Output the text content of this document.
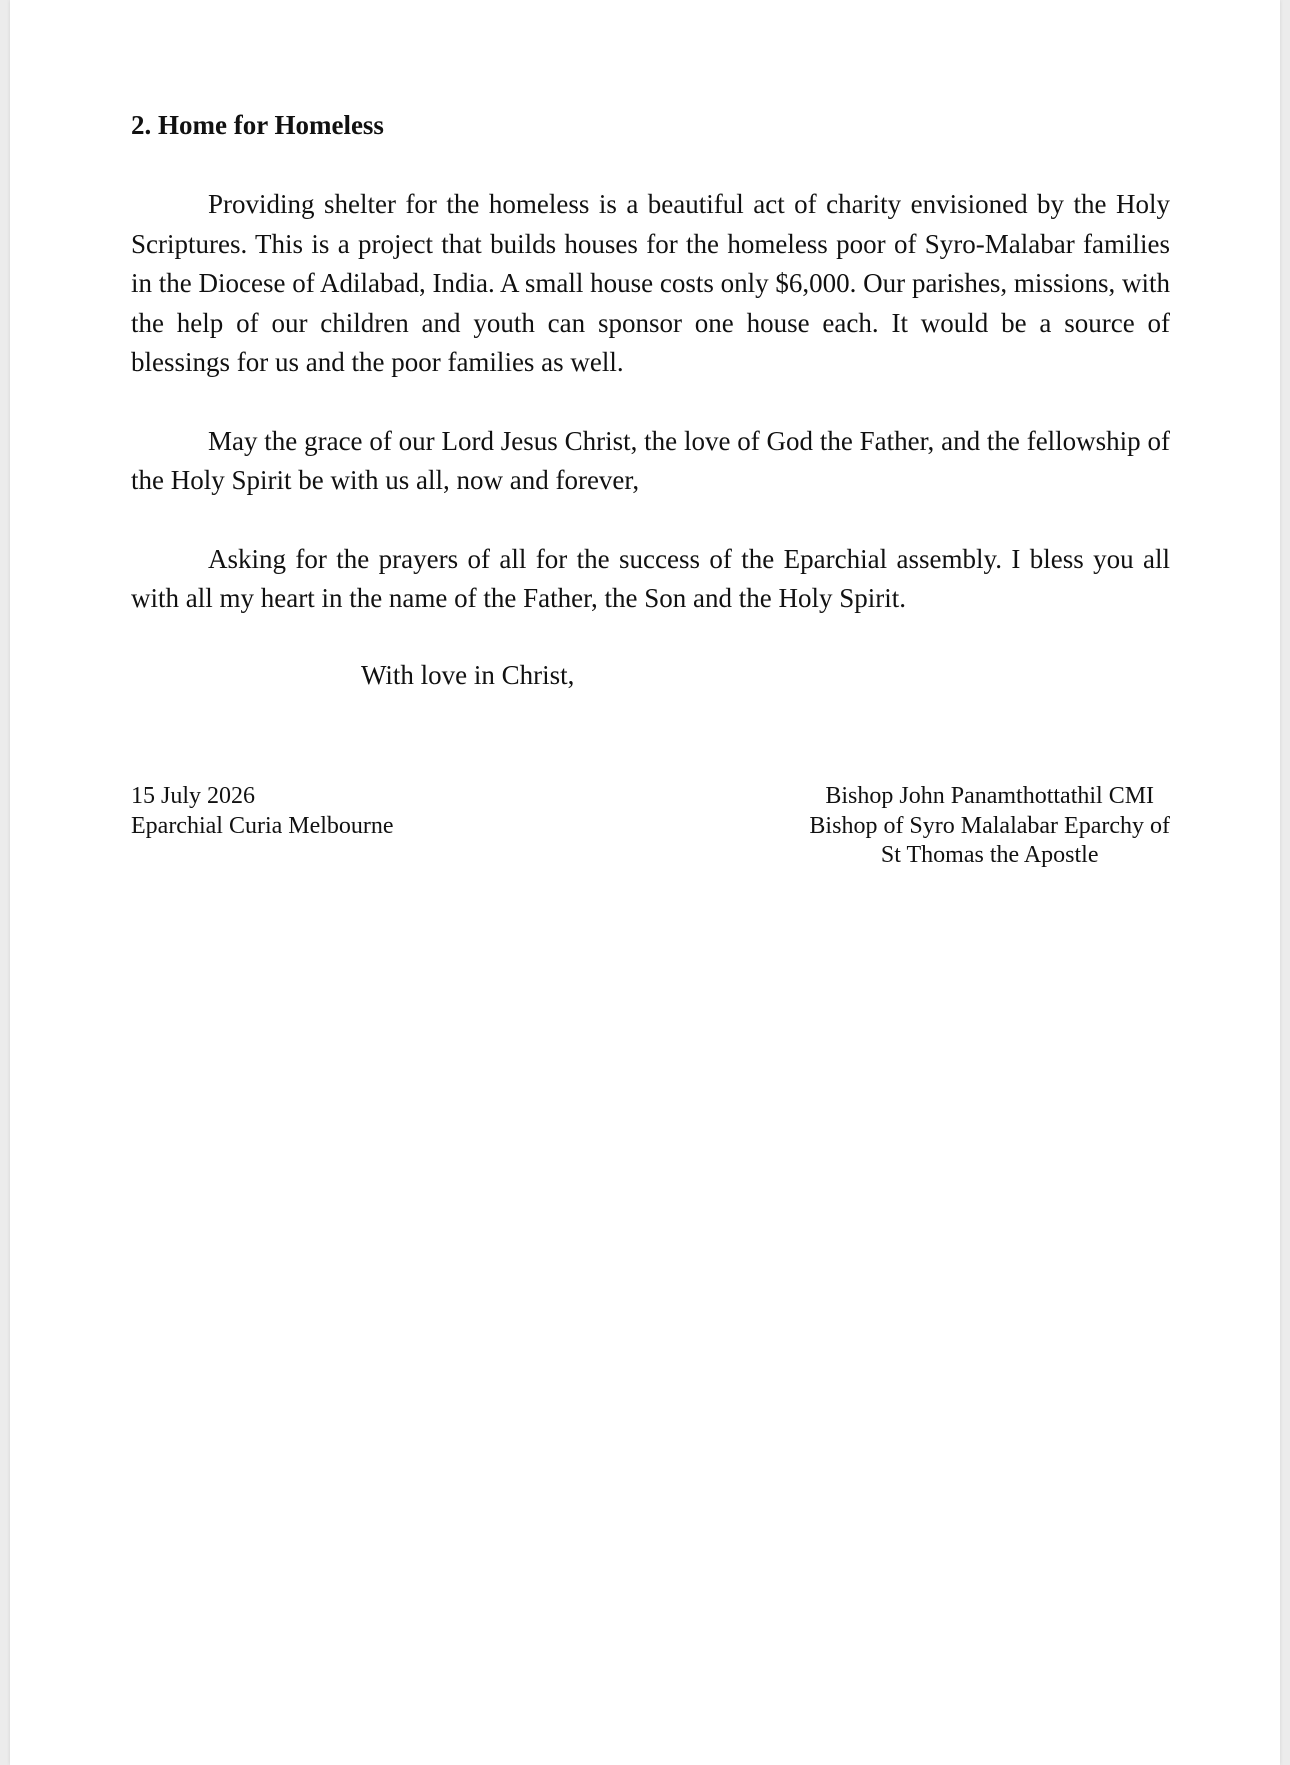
2. Home for Homeless

Providing shelter for the homeless is a beautiful act of charity envisioned by the Holy Scriptures. This is a project that builds houses for the homeless poor of Syro-Malabar families in the Diocese of Adilabad, India. A small house costs only $6,000. Our parishes, missions, with the help of our children and youth can sponsor one house each. It would be a source of blessings for us and the poor families as well.

May the grace of our Lord Jesus Christ, the love of God the Father, and the fellowship of the Holy Spirit be with us all, now and forever,

Asking for the prayers of all for the success of the Eparchial assembly. I bless you all with all my heart in the name of the Father, the Son and the Holy Spirit.

With love in Christ,

15 July 2026
Eparchial Curia Melbourne
Bishop John Panamthottathil CMI
Bishop of Syro Malalabar Eparchy of
St Thomas the Apostle
